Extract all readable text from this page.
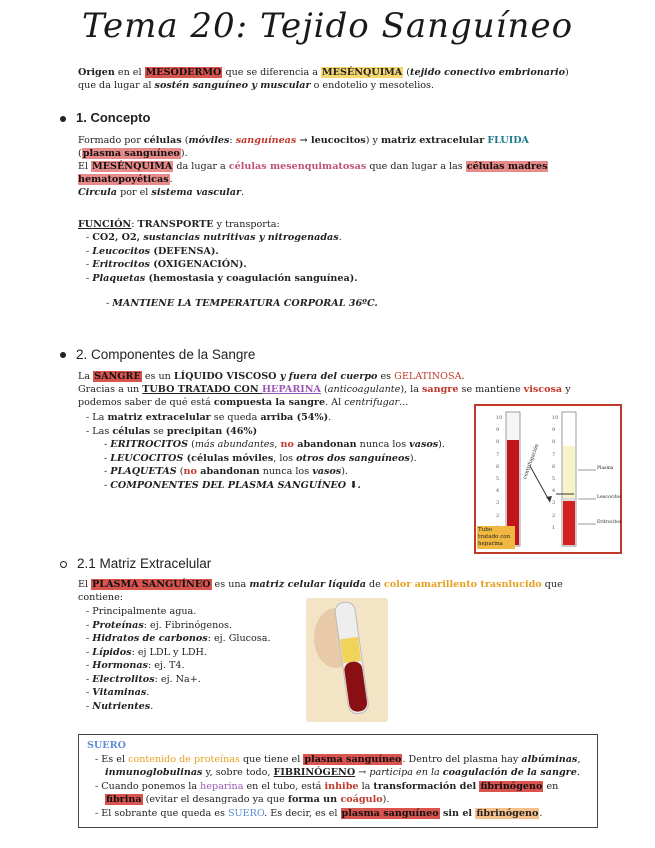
Tema 20: Tejido Sanguíneo

Origen en el MESODERMO que se diferencia a MESÉNQUIMA (tejido conectivo embrionario)

que da lugar al sostén sanguíneo y muscular o endotelio y mesotelios.

1. Concepto

Formado por células (móviles: sanguíneas → leucocitos) y matriz extracelular FLUIDA

(plasma sanguíneo).

El MESÉNQUIMA da lugar a células mesenquimatosas que dan lugar a las células madres hematopoyéticas.

Circula por el sistema vascular.

FUNCIÓN: TRANSPORTE y transporta:

- CO2, O2, sustancias nutritivas y nitrogenadas.
- Leucocitos (DEFENSA).
- Eritrocitos (OXIGENACIÓN).
- Plaquetas (hemostasia y coagulación sanguínea).
- MANTIENE LA TEMPERATURA CORPORAL 36ºC.
2. Componentes de la Sangre

La SANGRE es un LÍQUIDO VISCOSO y fuera del cuerpo es GELATINOSA.

Gracias a un TUBO TRATADO CON HEPARINA (anticoagulante), la sangre se mantiene viscosa y

podemos saber de qué está compuesta la sangre. Al centrifugar...

- La matriz extracelular se queda arriba (54%).
- Las células se precipitan (46%)
- ERITROCITOS (más abundantes, no abandonan nunca los vasos).
- LEUCOCITOS (células móviles, los otros dos sanguíneos).
- PLAQUETAS (no abandonan nunca los vasos).
- COMPONENTES DEL PLASMA SANGUÍNEO ⬇.
10
9
8
7
6
5
4
3
2
10
9
8
7
6
5
4
3
2
1
Tubo tratado con heparina
Plasma
Leucocitos
Eritrocitos
centrifugación
2.1 Matriz Extracelular

El PLASMA SANGUÍNEO es una matriz celular líquida de color amarillento trasnlucido que

contiene:

- Principalmente agua.
- Proteínas: ej. Fibrinógenos.
- Hidratos de carbonos: ej. Glucosa.
- Lípidos: ej LDL y LDH.
- Hormonas: ej. T4.
- Electrolitos: ej. Na+.
- Vitaminas.
- Nutrientes.
SUERO
- Es el contenido de proteínas que tiene el plasma sanguíneo. Dentro del plasma hay albúminas,
inmunoglobulinas y, sobre todo, FIBRINÓGENO → participa en la coagulación de la sangre.
- Cuando ponemos la heparina en el tubo, está inhibe la transformación del fibrinógeno en
fibrina (evitar el desangrado ya que forma un coágulo).
- El sobrante que queda es SUERO. Es decir, es el plasma sanguíneo sin el fibrinógeno.
